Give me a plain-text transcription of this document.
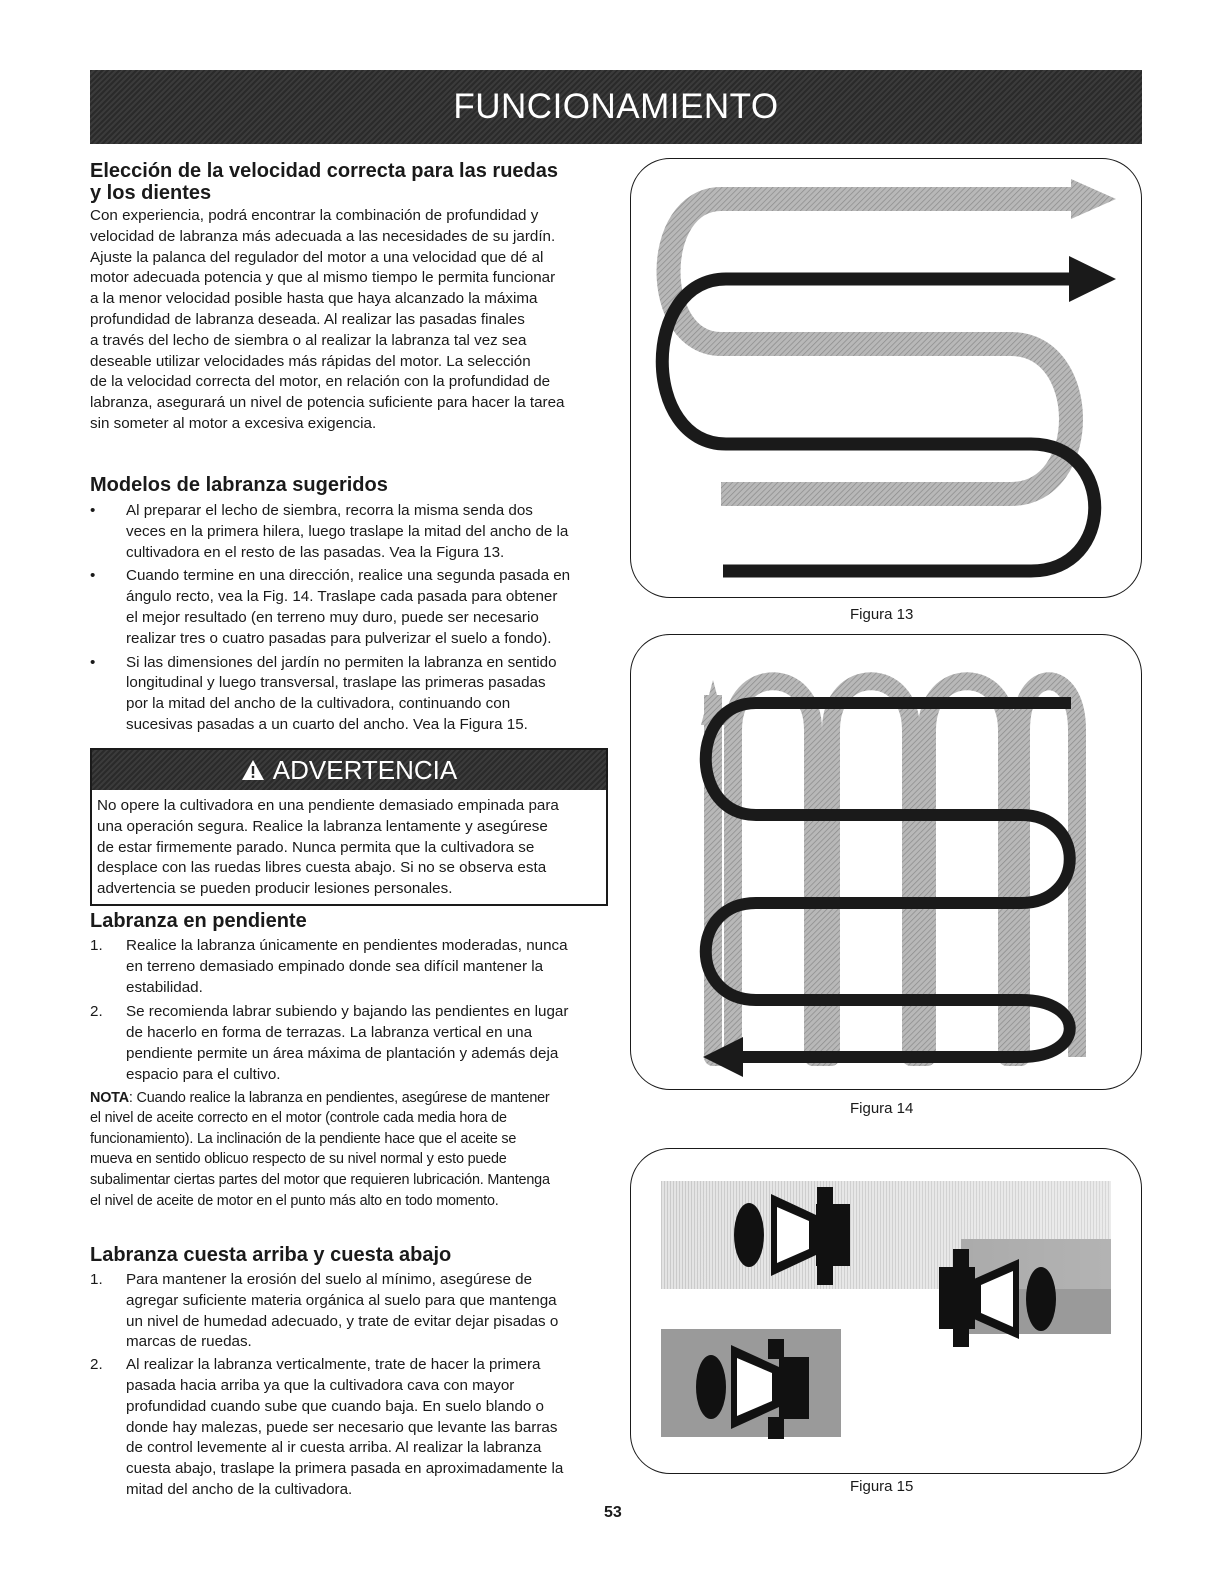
FUNCIONAMIENTO
Elección de la velocidad correcta para las ruedas
y los dientes

Con experiencia, podrá encontrar la combinación de profundidad y

velocidad de labranza más adecuada a las necesidades de su jardín.

Ajuste la palanca del regulador del motor a una velocidad que dé al

motor adecuada potencia y que al mismo tiempo le permita funcionar

a la menor velocidad posible hasta que haya alcanzado la máxima

profundidad de labranza deseada. Al realizar las pasadas finales

a través del lecho de siembra o al realizar la labranza tal vez sea

deseable utilizar velocidades más rápidas del motor. La selección

de la velocidad correcta del motor, en relación con la profundidad de

labranza, asegurará un nivel de potencia suficiente para hacer la tarea

sin someter al motor a excesiva exigencia.

Modelos de labranza sugeridos
•	Al preparar el lecho de siembra, recorra la misma senda dos
veces en la primera hilera, luego traslape la mitad del ancho de la
cultivadora en el resto de las pasadas. Vea la Figura 13.
•	Cuando termine en una dirección, realice una segunda pasada en
ángulo recto, vea la Fig. 14. Traslape cada pasada para obtener
el mejor resultado (en terreno muy duro, puede ser necesario
realizar tres o cuatro pasadas para pulverizar el suelo a fondo).
•	Si las dimensiones del jardín no permiten la labranza en sentido
longitudinal y luego transversal, traslape las primeras pasadas
por la mitad del ancho de la cultivadora, continuando con
sucesivas pasadas a un cuarto del ancho. Vea la Figura 15.
ADVERTENCIA

No opere la cultivadora en una pendiente demasiado empinada para

una operación segura. Realice la labranza lentamente y asegúrese

de estar firmemente parado. Nunca permita que la cultivadora se

desplace con las ruedas libres cuesta abajo. Si no se observa esta

advertencia se pueden producir lesiones personales.

Labranza en pendiente
1.	Realice la labranza únicamente en pendientes moderadas, nunca
en terreno demasiado empinado donde sea difícil mantener la
estabilidad.
2.	Se recomienda labrar subiendo y bajando las pendientes en lugar
de hacerlo en forma de terrazas. La labranza vertical en una
pendiente permite un área máxima de plantación y además deja
espacio para el cultivo.
NOTA: Cuando realice la labranza en pendientes, asegúrese de mantener
el nivel de aceite correcto en el motor (controle cada media hora de
funcionamiento). La inclinación de la pendiente hace que el aceite se
mueva en sentido oblicuo respecto de su nivel normal y esto puede
subalimentar ciertas partes del motor que requieren lubricación. Mantenga
el nivel de aceite de motor en el punto más alto en todo momento.
Labranza cuesta arriba y cuesta abajo
1.	Para mantener la erosión del suelo al mínimo, asegúrese de
agregar suficiente materia orgánica al suelo para que mantenga
un nivel de humedad adecuado, y trate de evitar dejar pisadas o
marcas de ruedas.
2.	Al realizar la labranza verticalmente, trate de hacer la primera
pasada hacia arriba ya que la cultivadora cava con mayor
profundidad cuando sube que cuando baja. En suelo blando o
donde hay malezas, puede ser necesario que levante las barras
de control levemente al ir cuesta arriba. Al realizar la labranza
cuesta abajo, traslape la primera pasada en aproximadamente la
mitad del ancho de la cultivadora.
Figura 13
Figura 14
Figura 15
53
